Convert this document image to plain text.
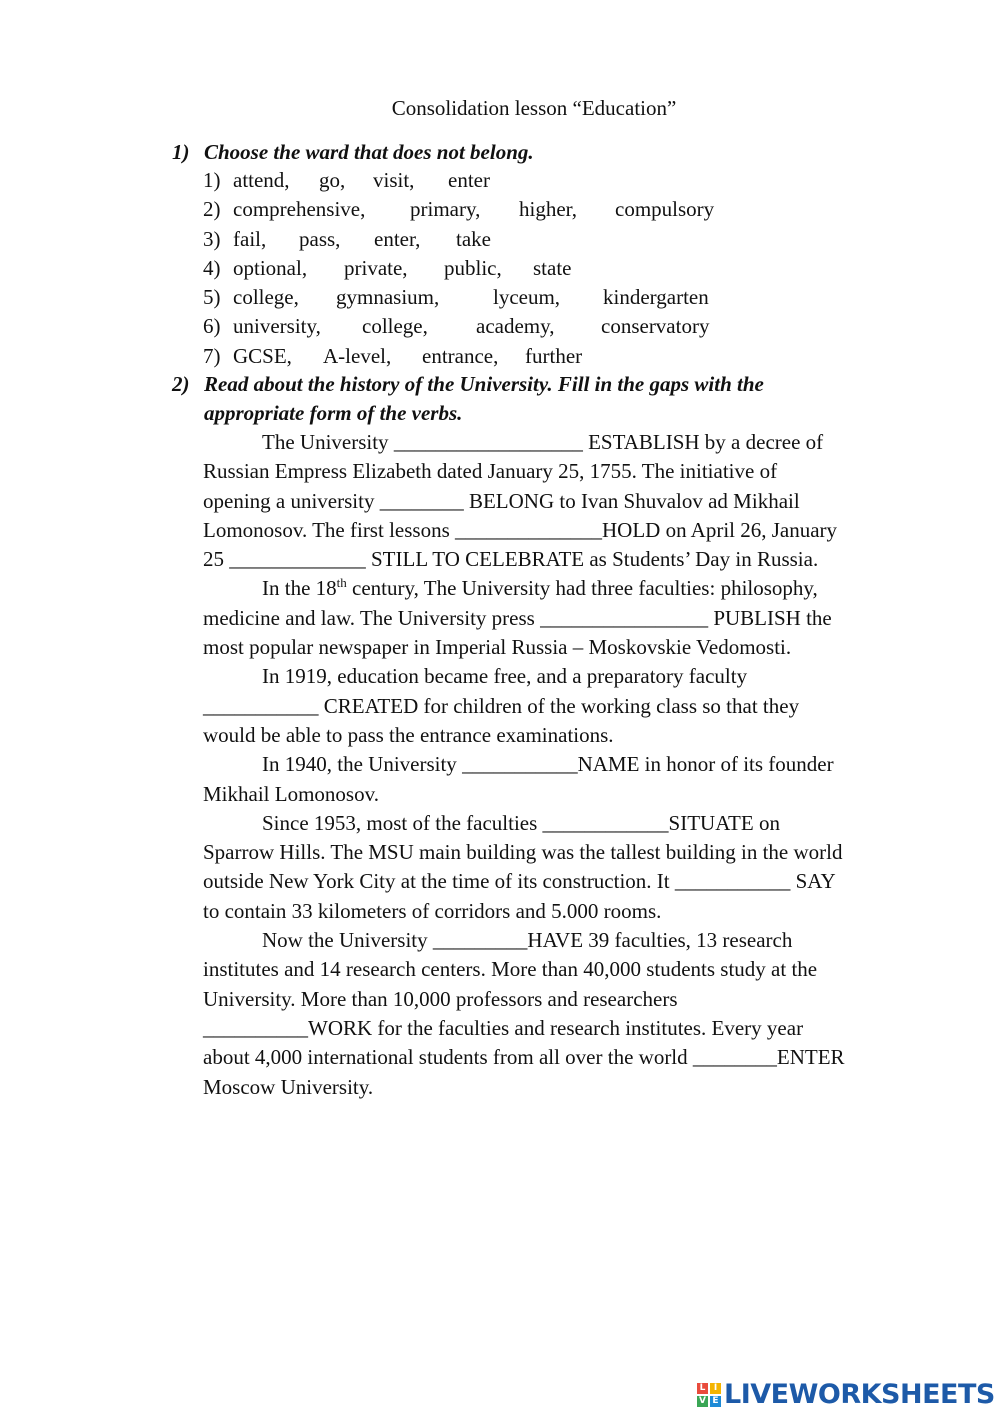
Consolidation lesson “Education”
1) Choose the ward that does not belong.
1) attend, go, visit, enter
2) comprehensive, primary, higher, compulsory
3) fail, pass, enter, take
4) optional, private, public, state
5) college, gymnasium,	lyceum, kindergarten
6) university, college, academy, conservatory
7) GCSE, A-level, entrance, further
2) Read about the history of the University. Fill in the gaps with the
appropriate form of the verbs.
The University __________________ ESTABLISH by a decree of
Russian Empress Elizabeth dated January 25, 1755. The initiative of
opening a university ________ BELONG to Ivan Shuvalov ad Mikhail
Lomonosov. The first lessons ______________HOLD on April 26, January
25 _____________ STILL TO CELEBRATE as Students’ Day in Russia.
In the 18th century, The University had three faculties: philosophy,
medicine and law. The University press ________________ PUBLISH the
most popular newspaper in Imperial Russia – Moskovskie Vedomosti.
In 1919, education became free, and a preparatory faculty
___________ CREATED for children of the working class so that they
would be able to pass the entrance examinations.
In 1940, the University ___________NAME in honor of its founder
Mikhail Lomonosov.
Since 1953, most of the faculties ____________SITUATE on
Sparrow Hills. The MSU main building was the tallest building in the world
outside New York City at the time of its construction. It ___________ SAY
to contain 33 kilometers of corridors and 5.000 rooms.
Now the University _________HAVE 39 faculties, 13 research
institutes and 14 research centers. More than 40,000 students study at the
University. More than 10,000 professors and researchers
__________WORK for the faculties and research institutes. Every year
about 4,000 international students from all over the world ________ENTER
Moscow University.
L I
V E LIVEWORKSHEETS
